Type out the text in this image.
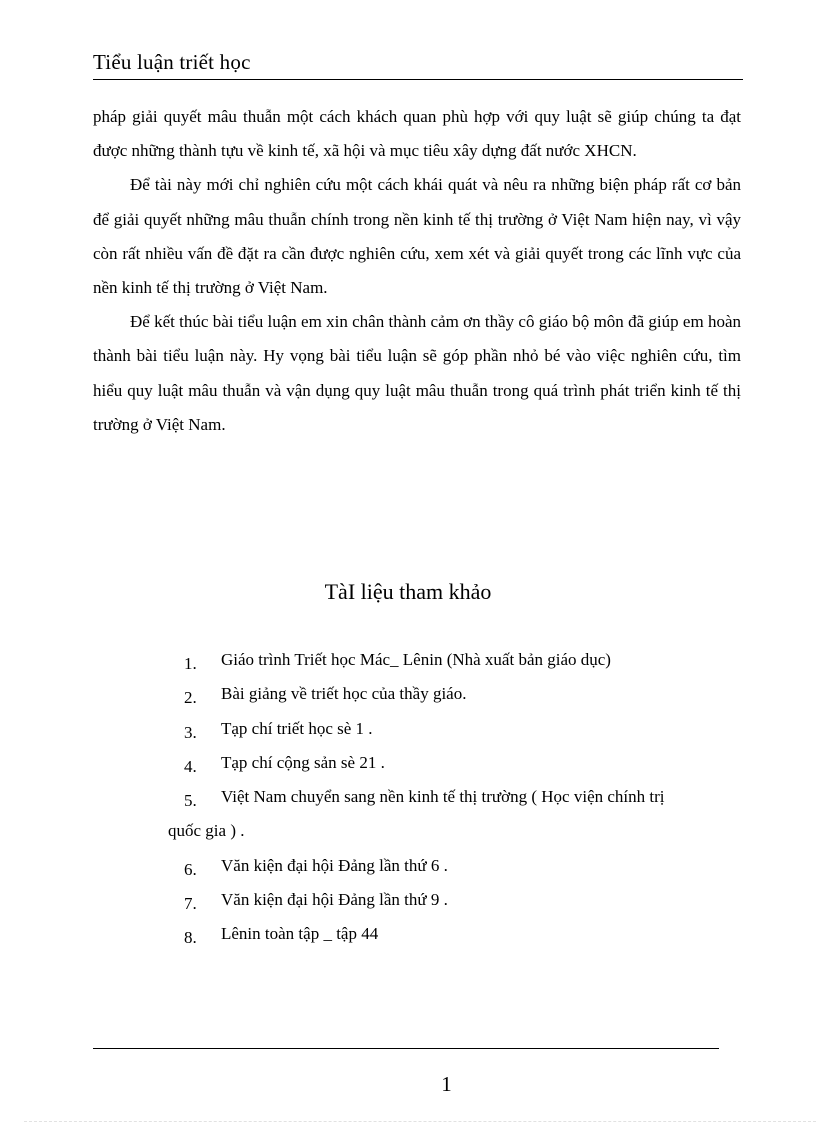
Tiểu luận triết học

pháp giải quyết mâu thuẫn một cách khách quan phù hợp với quy luật sẽ giúp chúng ta đạt được những thành tựu về kinh tế, xã hội và mục tiêu xây dựng đất nước XHCN.

Để tài này mới chỉ nghiên cứu một cách khái quát và nêu ra những biện pháp rất cơ bản để giải quyết những mâu thuẫn chính trong nền kinh tế thị trường ở Việt Nam hiện nay, vì vậy còn rất nhiều vấn đề đặt ra cần được nghiên cứu, xem xét và giải quyết trong các lĩnh vực của nền kinh tế thị trường ở Việt Nam.

Để kết thúc bài tiểu luận em xin chân thành cảm ơn thầy cô giáo bộ môn đã giúp em hoàn thành bài tiểu luận này. Hy vọng bài tiểu luận sẽ góp phần nhỏ bé vào việc nghiên cứu, tìm hiểu quy luật mâu thuẫn và vận dụng quy luật mâu thuẫn trong quá trình phát triển kinh tế thị trường ở Việt Nam.

TàI liệu tham khảo
1. Giáo trình Triết học Mác_ Lênin (Nhà xuất bản giáo dục)
2. Bài giảng về triết học của thầy giáo.
3. Tạp chí triết học sè 1 .
4. Tạp chí cộng sản sè 21 .
5. Việt Nam chuyển sang nền kinh tế thị trường ( Học viện chính trị
quốc gia ) .
6. Văn kiện đại hội Đảng lần thứ 6 .
7. Văn kiện đại hội Đảng lần thứ 9 .
8. Lênin toàn tập _ tập 44
1
